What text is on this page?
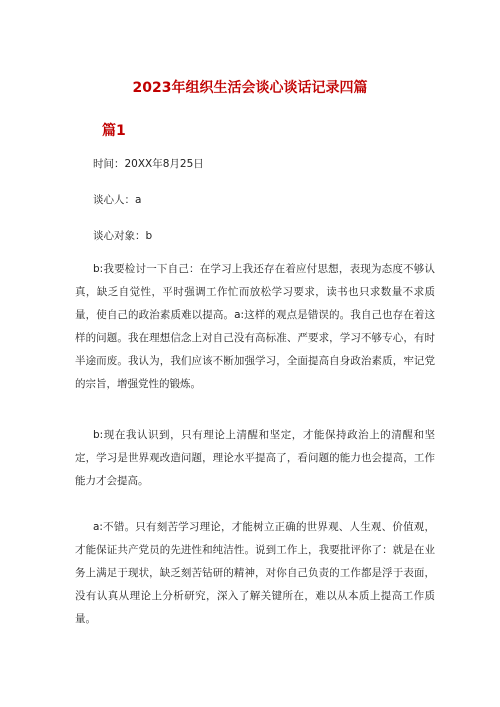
2023年组织生活会谈心谈话记录四篇
篇1
时间：20XX年8月25日
谈心人：a
谈心对象：b
b:我要检讨一下自己：在学习上我还存在着应付思想，表现为态度不够认真，缺乏自觉性，平时强调工作忙而放松学习要求，读书也只求数量不求质量，使自己的政治素质难以提高。a:这样的观点是错误的。我自己也存在着这样的问题。我在理想信念上对自己没有高标准、严要求，学习不够专心，有时半途而废。我认为，我们应该不断加强学习，全面提高自身政治素质，牢记党的宗旨，增强党性的锻炼。
b:现在我认识到，只有理论上清醒和坚定，才能保持政治上的清醒和坚定，学习是世界观改造问题，理论水平提高了，看问题的能力也会提高，工作能力才会提高。
a:不错。只有刻苦学习理论，才能树立正确的世界观、人生观、价值观，才能保证共产党员的先进性和纯洁性。说到工作上，我要批评你了：就是在业务上满足于现状，缺乏刻苦钻研的精神，对你自己负责的工作都是浮于表面，没有认真从理论上分析研究，深入了解关键所在，难以从本质上提高工作质量。
